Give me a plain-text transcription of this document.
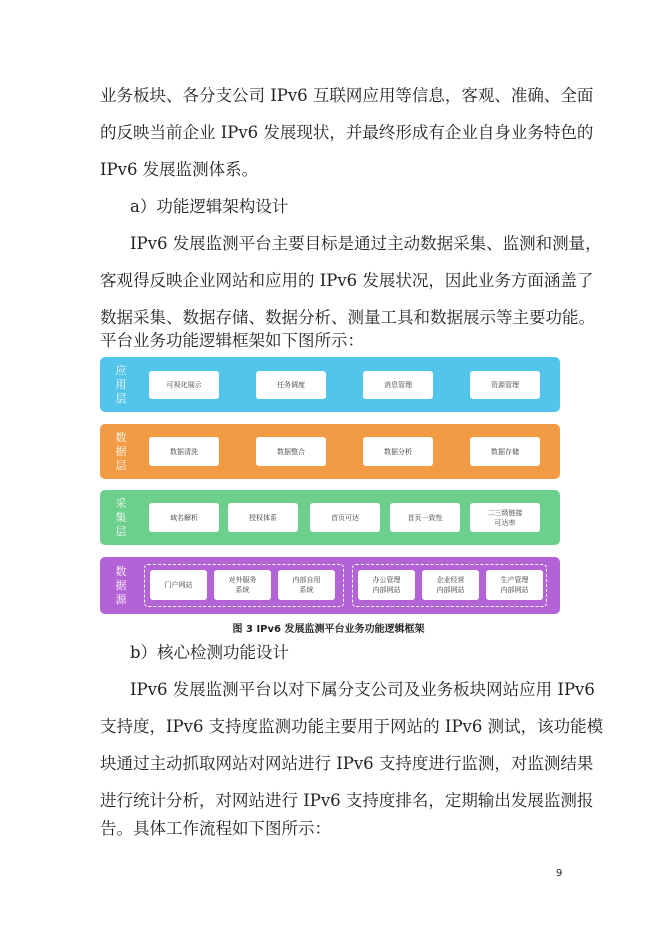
业务板块、各分支公司 IPv6 互联网应用等信息，客观、准确、全面
的反映当前企业 IPv6 发展现状，并最终形成有企业自身业务特色的
IPv6 发展监测体系。
a）功能逻辑架构设计
IPv6 发展监测平台主要目标是通过主动数据采集、监测和测量，
客观得反映企业网站和应用的 IPv6 发展状况，因此业务方面涵盖了
数据采集、数据存储、数据分析、测量工具和数据展示等主要功能。
平台业务功能逻辑框架如下图所示：
应用层
可视化展示	任务调度	消息管理	资源管理
数据层
数据清洗	数据整合	数据分析	数据存储
采集层
域名解析	授权体系	首页可达	首页一致性
二三级链接
可达率
数据源
门户网站
对外服务
系统
内部自用
系统
办公管理
内部网站
企业经营
内部网站
生产管理
内部网站
图 3 IPv6 发展监测平台业务功能逻辑框架
b）核心检测功能设计
IPv6 发展监测平台以对下属分支公司及业务板块网站应用 IPv6
支持度，IPv6 支持度监测功能主要用于网站的 IPv6 测试，该功能模
块通过主动抓取网站对网站进行 IPv6 支持度进行监测，对监测结果
进行统计分析，对网站进行 IPv6 支持度排名，定期输出发展监测报
告。具体工作流程如下图所示：
9
